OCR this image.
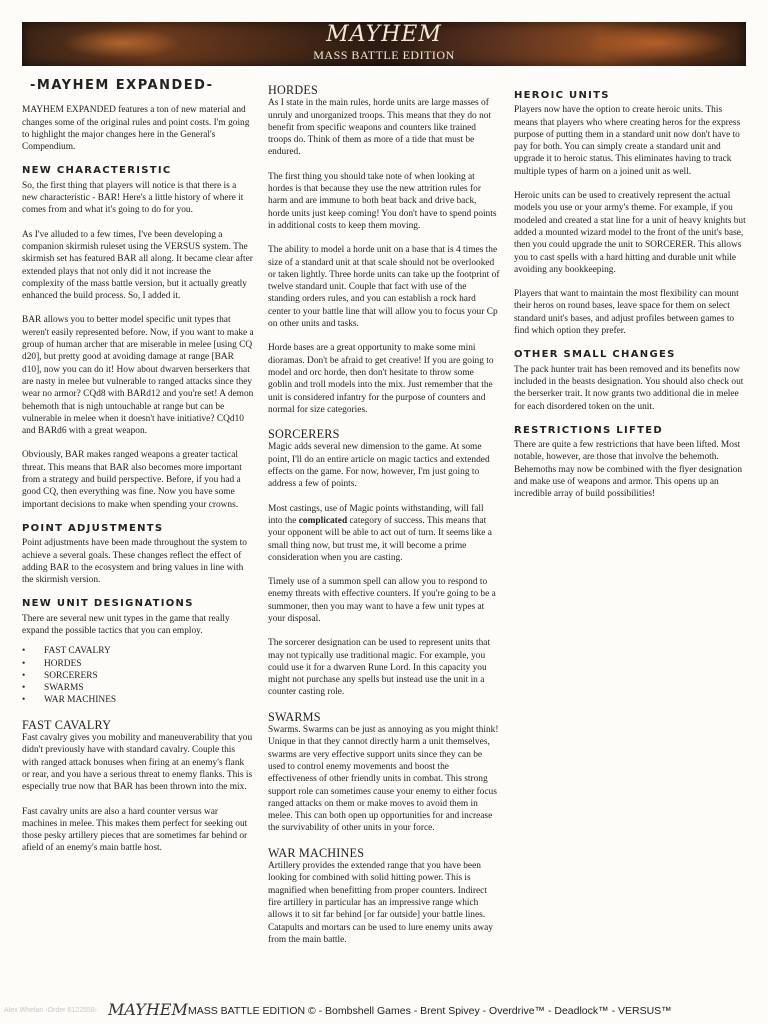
MAYHEM
MASS BATTLE EDITION
-MAYHEM EXPANDED-

MAYHEM EXPANDED features a ton of new material and changes some of the original rules and point costs. I'm going to highlight the major changes here in the General's Compendium.

NEW CHARACTERISTIC

So, the first thing that players will notice is that there is a new characteristic - BAR! Here's a little history of where it comes from and what it's going to do for you.

As I've alluded to a few times, I've been developing a companion skirmish ruleset using the VERSUS system. The skirmish set has featured BAR all along. It became clear after extended plays that not only did it not increase the complexity of the mass battle version, but it actually greatly enhanced the build process. So, I added it.

BAR allows you to better model specific unit types that weren't easily represented before. Now, if you want to make a group of human archer that are miserable in melee [using CQ d20], but pretty good at avoiding damage at range [BAR d10], now you can do it! How about dwarven berserkers that are nasty in melee but vulnerable to ranged attacks since they wear no armor? CQd8 with BARd12 and you're set! A demon behemoth that is nigh untouchable at range but can be vulnerable in melee when it doesn't have initiative? CQd10 and BARd6 with a great weapon.

Obviously, BAR makes ranged weapons a greater tactical threat. This means that BAR also becomes more important from a strategy and build perspective. Before, if you had a good CQ, then everything was fine. Now you have some important decisions to make when spending your crowns.

POINT ADJUSTMENTS

Point adjustments have been made throughout the system to achieve a several goals. These changes reflect the effect of adding BAR to the ecosystem and bring values in line with the skirmish version.

NEW UNIT DESIGNATIONS

There are several new unit types in the game that really expand the possible tactics that you can employ.

• FAST CAVALRY
• HORDES
• SORCERERS
• SWARMS
• WAR MACHINES
FAST CAVALRY

Fast cavalry gives you mobility and maneuverability that you didn't previously have with standard cavalry. Couple this with ranged attack bonuses when firing at an enemy's flank or rear, and you have a serious threat to enemy flanks. This is especially true now that BAR has been thrown into the mix.

Fast cavalry units are also a hard counter versus war machines in melee. This makes them perfect for seeking out those pesky artillery pieces that are sometimes far behind or afield of an enemy's main battle host.

HORDES

As I state in the main rules, horde units are large masses of unruly and unorganized troops. This means that they do not benefit from specific weapons and counters like trained troops do. Think of them as more of a tide that must be endured.

The first thing you should take note of when looking at hordes is that because they use the new attrition rules for harm and are immune to both beat back and drive back, horde units just keep coming! You don't have to spend points in additional costs to keep them moving.

The ability to model a horde unit on a base that is 4 times the size of a standard unit at that scale should not be overlooked or taken lightly. Three horde units can take up the footprint of twelve standard unit. Couple that fact with use of the standing orders rules, and you can establish a rock hard center to your battle line that will allow you to focus your Cp on other units and tasks.

Horde bases are a great opportunity to make some mini dioramas. Don't be afraid to get creative! If you are going to model and orc horde, then don't hesitate to throw some goblin and troll models into the mix. Just remember that the unit is considered infantry for the purpose of counters and normal for size categories.

SORCERERS

Magic adds several new dimension to the game. At some point, I'll do an entire article on magic tactics and extended effects on the game. For now, however, I'm just going to address a few of points.

Most castings, use of Magic points withstanding, will fall into the complicated category of success. This means that your opponent will be able to act out of turn. It seems like a small thing now, but trust me, it will become a prime consideration when you are casting.

Timely use of a summon spell can allow you to respond to enemy threats with effective counters. If you're going to be a summoner, then you may want to have a few unit types at your disposal.

The sorcerer designation can be used to represent units that may not typically use traditional magic. For example, you could use it for a dwarven Rune Lord. In this capacity you might not purchase any spells but instead use the unit in a counter casting role.

SWARMS

Swarms. Swarms can be just as annoying as you might think! Unique in that they cannot directly harm a unit themselves, swarms are very effective support units since they can be used to control enemy movements and boost the effectiveness of other friendly units in combat. This strong support role can sometimes cause your enemy to either focus ranged attacks on them or make moves to avoid them in melee. This can both open up opportunities for and increase the survivability of other units in your force.

WAR MACHINES

Artillery provides the extended range that you have been looking for combined with solid hitting power. This is magnified when benefitting from proper counters. Indirect fire artillery in particular has an impressive range which allows it to sit far behind [or far outside] your battle lines. Catapults and mortars can be used to lure enemy units away from the main battle.

HEROIC UNITS

Players now have the option to create heroic units. This means that players who where creating heros for the express purpose of putting them in a standard unit now don't have to pay for both. You can simply create a standard unit and upgrade it to heroic status. This eliminates having to track multiple types of harm on a joined unit as well.

Heroic units can be used to creatively represent the actual models you use or your army's theme. For example, if you modeled and created a stat line for a unit of heavy knights but added a mounted wizard model to the front of the unit's base, then you could upgrade the unit to SORCERER. This allows you to cast spells with a hard hitting and durable unit while avoiding any bookkeeping.

Players that want to maintain the most flexibility can mount their heros on round bases, leave space for them on select standard unit's bases, and adjust profiles between games to find which option they prefer.

OTHER SMALL CHANGES

The pack hunter trait has been removed and its benefits now included in the beasts designation. You should also check out the berserker trait. It now grants two additional die in melee for each disordered token on the unit.

RESTRICTIONS LIFTED

There are quite a few restrictions that have been lifted. Most notable, however, are those that involve the behemoth. Behemoths may now be combined with the flyer designation and make use of weapons and armor. This opens up an incredible array of build possibilities!

Alex Whelan ‹Order 6122558› MAYHEM MASS BATTLE EDITION © - Bombshell Games - Brent Spivey - Overdrive™ - Deadlock™ - VERSUS™
